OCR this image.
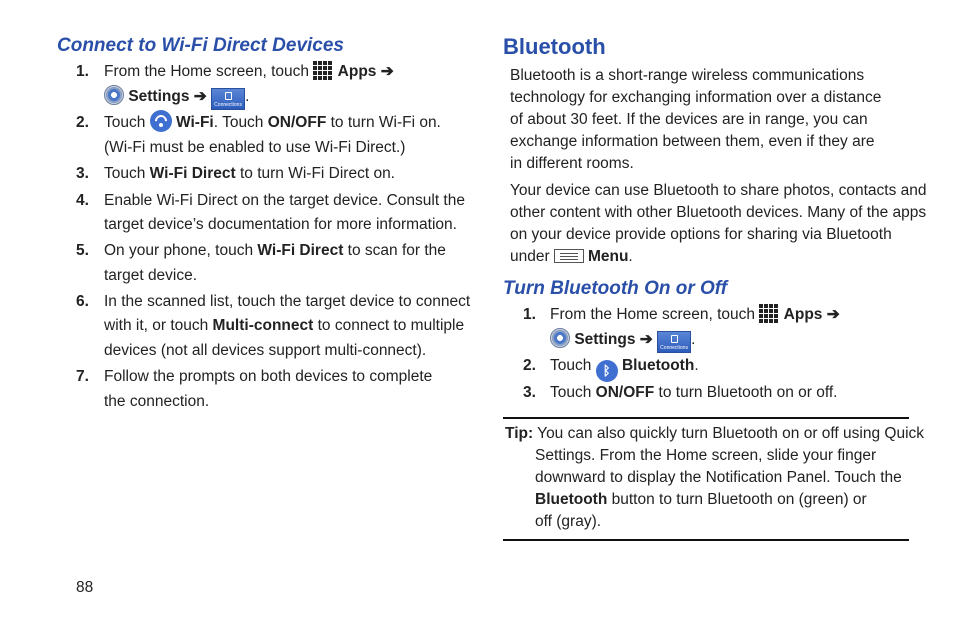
Connect to Wi-Fi Direct Devices
1. From the Home screen, touch  Apps ➔
Settings ➔ Connections .
2. Touch  Wi-Fi. Touch ON/OFF to turn Wi-Fi on.
(Wi-Fi must be enabled to use Wi-Fi Direct.)
3. Touch Wi-Fi Direct to turn Wi-Fi Direct on.
4. Enable Wi-Fi Direct on the target device. Consult the
target device’s documentation for more information.
5. On your phone, touch Wi-Fi Direct to scan for the
target device.
6. In the scanned list, touch the target device to connect
with it, or touch Multi-connect to connect to multiple
devices (not all devices support multi-connect).
7. Follow the prompts on both devices to complete
the connection.
Bluetooth
Bluetooth is a short-range wireless communications
technology for exchanging information over a distance
of about 30 feet. If the devices are in range, you can
exchange information between them, even if they are
in different rooms.
Your device can use Bluetooth to share photos, contacts and
other content with other Bluetooth devices. Many of the apps
on your device provide options for sharing via Bluetooth
under Menu.
Turn Bluetooth On or Off
1. From the Home screen, touch  Apps ➔
Settings ➔ Connections .
2. Touch ᛒ Bluetooth.
3. Touch ON/OFF to turn Bluetooth on or off.
Tip: You can also quickly turn Bluetooth on or off using Quick
Settings. From the Home screen, slide your finger
downward to display the Notification Panel. Touch the
Bluetooth button to turn Bluetooth on (green) or
off (gray).
88
